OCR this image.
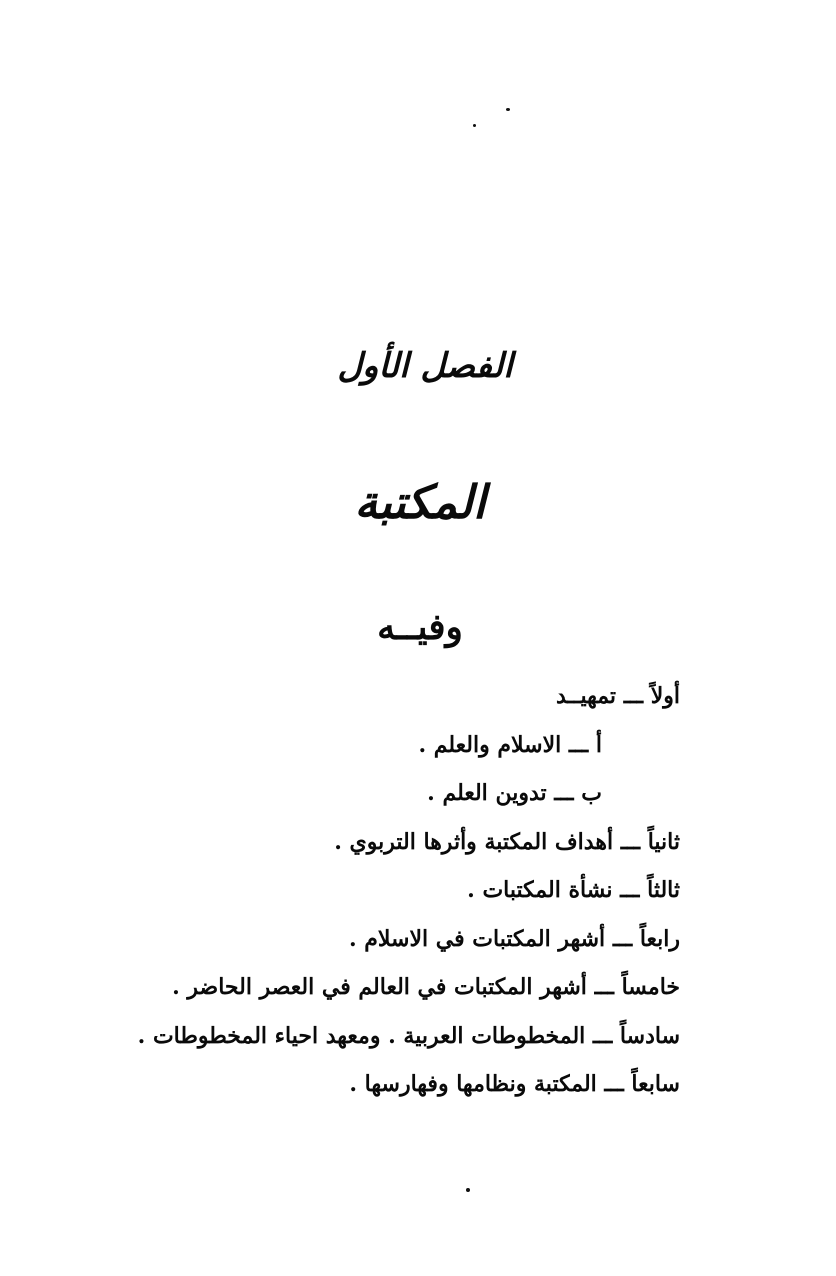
الفصل الأول
المكتبة
وفيــه
أولاً ـــ تمهيــد
أ ـــ الاسلام والعلم .
ب ـــ تدوين العلم .
ثانياً ـــ أهداف المكتبة وأثرها التربوي .
ثالثاً ـــ نشأة المكتبات .
رابعاً ـــ أشهر المكتبات في الاسلام .
خامساً ـــ أشهر المكتبات في العالم في العصر الحاضر .
سادساً ـــ المخطوطات العربية . ومعهد احياء المخطوطات .
سابعاً ـــ المكتبة ونظامها وفهارسها .
